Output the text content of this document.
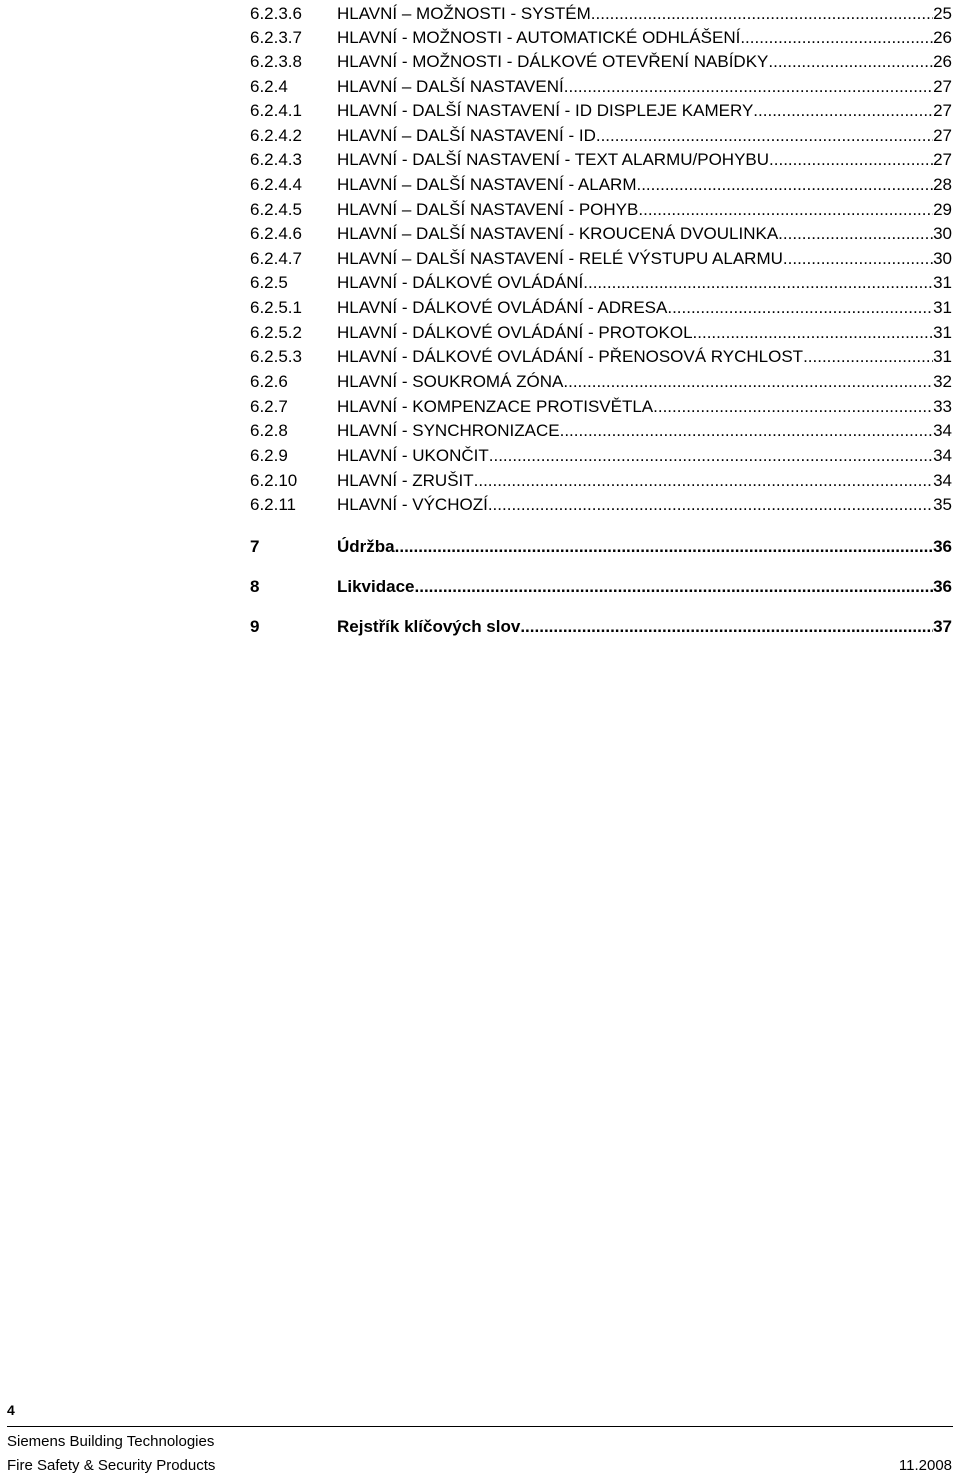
6.2.3.6 HLAVNÍ – MOŽNOSTI - SYSTÉM .....	25
6.2.3.7 HLAVNÍ - MOŽNOSTI - AUTOMATICKÉ ODHLÁŠENÍ .....	26
6.2.3.8 HLAVNÍ - MOŽNOSTI - DÁLKOVÉ OTEVŘENÍ NABÍDKY .....	26
6.2.4	HLAVNÍ – DALŠÍ NASTAVENÍ .....	27
6.2.4.1 HLAVNÍ - DALŠÍ NASTAVENÍ - ID DISPLEJE KAMERY .....	27
6.2.4.2 HLAVNÍ – DALŠÍ NASTAVENÍ - ID .....	27
6.2.4.3 HLAVNÍ - DALŠÍ NASTAVENÍ - TEXT ALARMU/POHYBU .....	27
6.2.4.4 HLAVNÍ – DALŠÍ NASTAVENÍ - ALARM .....	28
6.2.4.5 HLAVNÍ – DALŠÍ NASTAVENÍ - POHYB .....	29
6.2.4.6 HLAVNÍ – DALŠÍ NASTAVENÍ - KROUCENÁ DVOULINKA .....	30
6.2.4.7 HLAVNÍ – DALŠÍ NASTAVENÍ - RELÉ VÝSTUPU ALARMU .....	30
6.2.5	HLAVNÍ - DÁLKOVÉ OVLÁDÁNÍ .....	31
6.2.5.1 HLAVNÍ - DÁLKOVÉ OVLÁDÁNÍ - ADRESA .....	31
6.2.5.2 HLAVNÍ - DÁLKOVÉ OVLÁDÁNÍ - PROTOKOL .....	31
6.2.5.3 HLAVNÍ - DÁLKOVÉ OVLÁDÁNÍ - PŘENOSOVÁ RYCHLOST .....	31
6.2.6	HLAVNÍ - SOUKROMÁ ZÓNA .....	32
6.2.7	HLAVNÍ - KOMPENZACE PROTISVĚTLA .....	33
6.2.8	HLAVNÍ - SYNCHRONIZACE .....	34
6.2.9	HLAVNÍ - UKONČIT .....	34
6.2.10 HLAVNÍ - ZRUŠIT .....	34
6.2.11 HLAVNÍ - VÝCHOZÍ .....	35
7	Údržba .....	36
8	Likvidace .....	36
9	Rejstřík klíčových slov .....	37
4
Siemens Building Technologies
Fire Safety & Security Products	11.2008
